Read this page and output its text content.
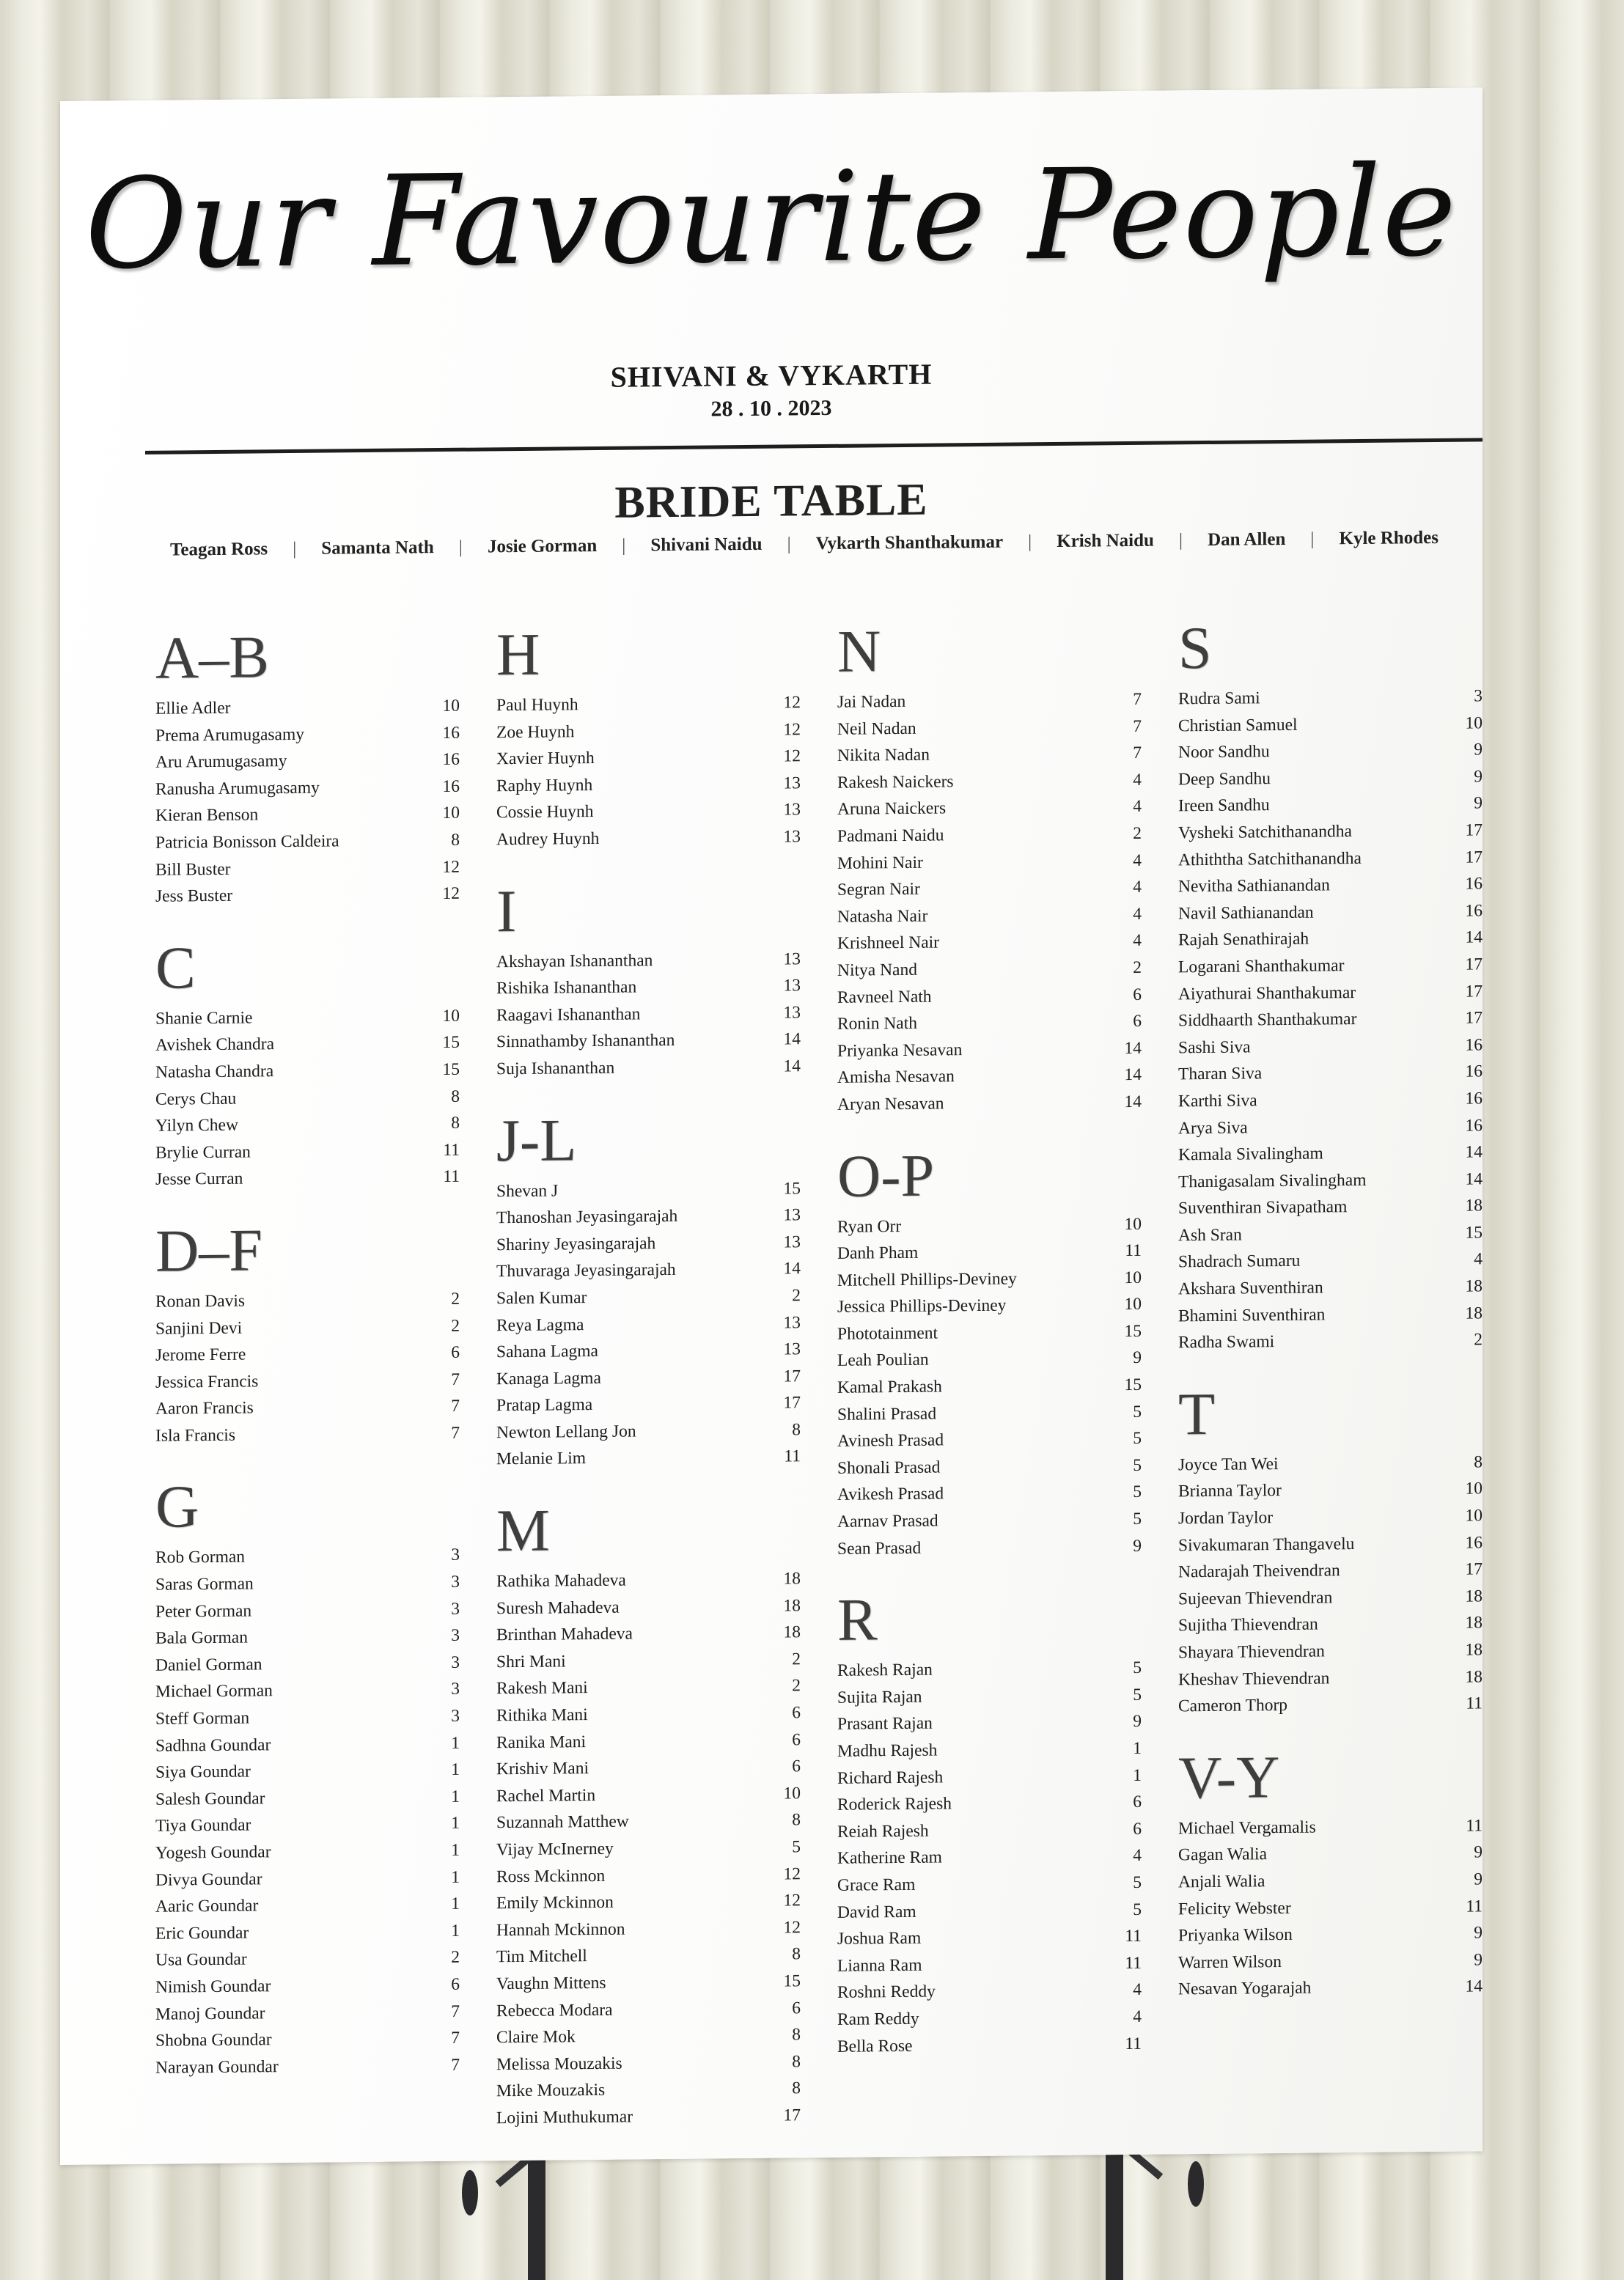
Our Favourite People
SHIVANI & VYKARTH
28 . 10 . 2023
BRIDE TABLE
Teagan Ross | Samanta Nath | Josie Gorman | Shivani Naidu | Vykarth Shanthakumar | Krish Naidu | Dan Allen | Kyle Rhodes
A–B
Ellie Adler	10
Prema Arumugasamy	16
Aru Arumugasamy	16
Ranusha Arumugasamy	16
Kieran Benson	10
Patricia Bonisson Caldeira	8
Bill Buster	12
Jess Buster	12
C
Shanie Carnie	10
Avishek Chandra	15
Natasha Chandra	15
Cerys Chau	8
Yilyn Chew	8
Brylie Curran	11
Jesse Curran	11
D–F
Ronan Davis	2
Sanjini Devi	2
Jerome Ferre	6
Jessica Francis	7
Aaron Francis	7
Isla Francis	7
G
Rob Gorman	3
Saras Gorman	3
Peter Gorman	3
Bala Gorman	3
Daniel Gorman	3
Michael Gorman	3
Steff Gorman	3
Sadhna Goundar	1
Siya Goundar	1
Salesh Goundar	1
Tiya Goundar	1
Yogesh Goundar	1
Divya Goundar	1
Aaric Goundar	1
Eric Goundar	1
Usa Goundar	2
Nimish Goundar	6
Manoj Goundar	7
Shobna Goundar	7
Narayan Goundar	7
H
Paul Huynh	12
Zoe Huynh	12
Xavier Huynh	12
Raphy Huynh	13
Cossie Huynh	13
Audrey Huynh	13
I
Akshayan Ishananthan	13
Rishika Ishananthan	13
Raagavi Ishananthan	13
Sinnathamby Ishananthan	14
Suja Ishananthan	14
J-L
Shevan J	15
Thanoshan Jeyasingarajah	13
Shariny Jeyasingarajah	13
Thuvaraga Jeyasingarajah	14
Salen Kumar	2
Reya Lagma	13
Sahana Lagma	13
Kanaga Lagma	17
Pratap Lagma	17
Newton Lellang Jon	8
Melanie Lim	11
M
Rathika Mahadeva	18
Suresh Mahadeva	18
Brinthan Mahadeva	18
Shri Mani	2
Rakesh Mani	2
Rithika Mani	6
Ranika Mani	6
Krishiv Mani	6
Rachel Martin	10
Suzannah Matthew	8
Vijay McInerney	5
Ross Mckinnon	12
Emily Mckinnon	12
Hannah Mckinnon	12
Tim Mitchell	8
Vaughn Mittens	15
Rebecca Modara	6
Claire Mok	8
Melissa Mouzakis	8
Mike Mouzakis	8
Lojini Muthukumar	17
N
Jai Nadan	7
Neil Nadan	7
Nikita Nadan	7
Rakesh Naickers	4
Aruna Naickers	4
Padmani Naidu	2
Mohini Nair	4
Segran Nair	4
Natasha Nair	4
Krishneel Nair	4
Nitya Nand	2
Ravneel Nath	6
Ronin Nath	6
Priyanka Nesavan	14
Amisha Nesavan	14
Aryan Nesavan	14
O-P
Ryan Orr	10
Danh Pham	11
Mitchell Phillips-Deviney	10
Jessica Phillips-Deviney	10
Phototainment	15
Leah Poulian	9
Kamal Prakash	15
Shalini Prasad	5
Avinesh Prasad	5
Shonali Prasad	5
Avikesh Prasad	5
Aarnav Prasad	5
Sean Prasad	9
R
Rakesh Rajan	5
Sujita Rajan	5
Prasant Rajan	9
Madhu Rajesh	1
Richard Rajesh	1
Roderick Rajesh	6
Reiah Rajesh	6
Katherine Ram	4
Grace Ram	5
David Ram	5
Joshua Ram	11
Lianna Ram	11
Roshni Reddy	4
Ram Reddy	4
Bella Rose	11
S
Rudra Sami	3
Christian Samuel	10
Noor Sandhu	9
Deep Sandhu	9
Ireen Sandhu	9
Vysheki Satchithanandha	17
Athiththa Satchithanandha	17
Nevitha Sathianandan	16
Navil Sathianandan	16
Rajah Senathirajah	14
Logarani Shanthakumar	17
Aiyathurai Shanthakumar	17
Siddhaarth Shanthakumar	17
Sashi Siva	16
Tharan Siva	16
Karthi Siva	16
Arya Siva	16
Kamala Sivalingham	14
Thanigasalam Sivalingham	14
Suventhiran Sivapatham	18
Ash Sran	15
Shadrach Sumaru	4
Akshara Suventhiran	18
Bhamini Suventhiran	18
Radha Swami	2
T
Joyce Tan Wei	8
Brianna Taylor	10
Jordan Taylor	10
Sivakumaran Thangavelu	16
Nadarajah Theivendran	17
Sujeevan Thievendran	18
Sujitha Thievendran	18
Shayara Thievendran	18
Kheshav Thievendran	18
Cameron Thorp	11
V-Y
Michael Vergamalis	11
Gagan Walia	9
Anjali Walia	9
Felicity Webster	11
Priyanka Wilson	9
Warren Wilson	9
Nesavan Yogarajah	14
